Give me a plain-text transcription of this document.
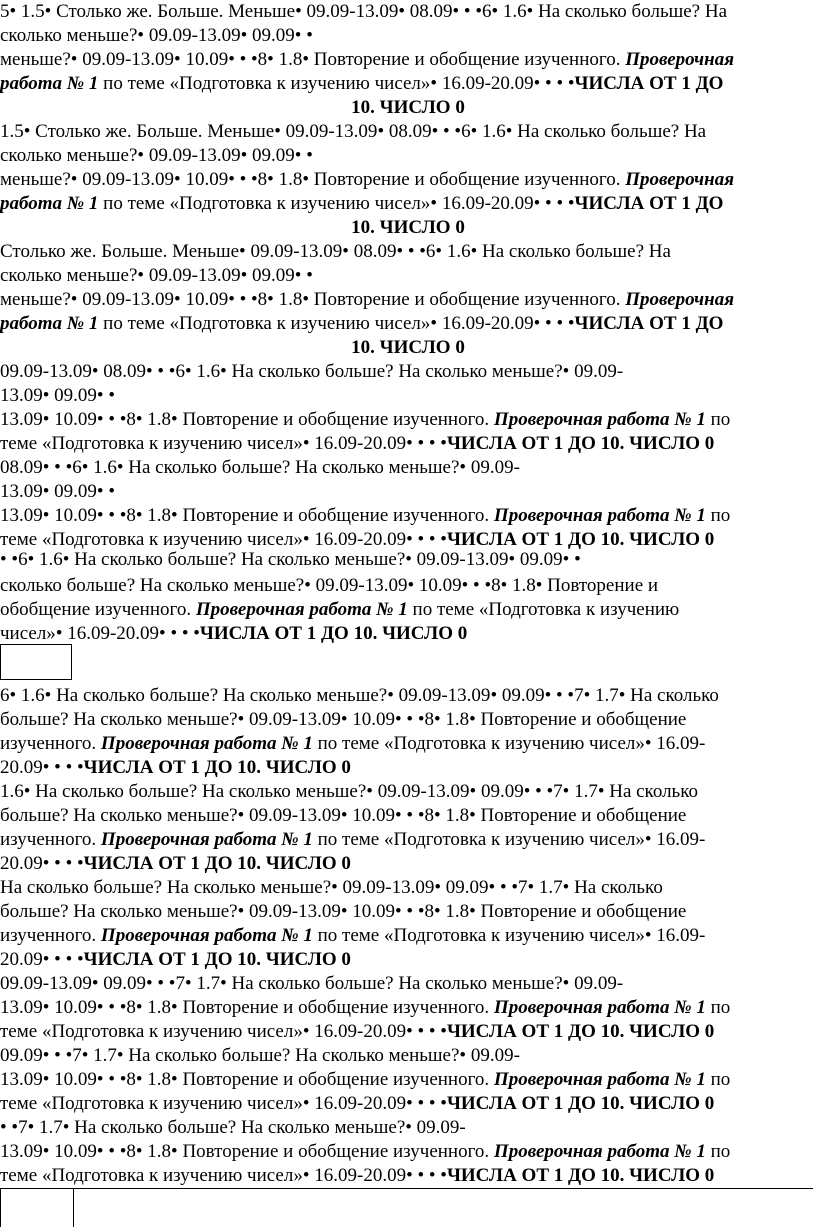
5• 1.5• Столько же. Больше. Меньше• 09.09-13.09• 08.09• • •6• 1.6• На сколько больше? На
сколько меньше?• 09.09-13.09• 09.09• •
меньше?• 09.09-13.09• 10.09• • •8• 1.8• Повторение и обобщение изученного. Проверочная
работа № 1 по теме «Подготовка к изучению чисел»• 16.09-20.09• • • •ЧИСЛА ОТ 1 ДО
10. ЧИСЛО 0
1.5• Столько же. Больше. Меньше• 09.09-13.09• 08.09• • •6• 1.6• На сколько больше? На
сколько меньше?• 09.09-13.09• 09.09• •
меньше?• 09.09-13.09• 10.09• • •8• 1.8• Повторение и обобщение изученного. Проверочная
работа № 1 по теме «Подготовка к изучению чисел»• 16.09-20.09• • • •ЧИСЛА ОТ 1 ДО
10. ЧИСЛО 0
Столько же. Больше. Меньше• 09.09-13.09• 08.09• • •6• 1.6• На сколько больше? На
сколько меньше?• 09.09-13.09• 09.09• •
меньше?• 09.09-13.09• 10.09• • •8• 1.8• Повторение и обобщение изученного. Проверочная
работа № 1 по теме «Подготовка к изучению чисел»• 16.09-20.09• • • •ЧИСЛА ОТ 1 ДО
10. ЧИСЛО 0
09.09-13.09• 08.09• • •6• 1.6• На сколько больше? На сколько меньше?• 09.09-
13.09• 09.09• •
13.09• 10.09• • •8• 1.8• Повторение и обобщение изученного. Проверочная работа № 1 по
теме «Подготовка к изучению чисел»• 16.09-20.09• • • •ЧИСЛА ОТ 1 ДО 10. ЧИСЛО 0
08.09• • •6• 1.6• На сколько больше? На сколько меньше?• 09.09-
13.09• 09.09• •
13.09• 10.09• • •8• 1.8• Повторение и обобщение изученного. Проверочная работа № 1 по
теме «Подготовка к изучению чисел»• 16.09-20.09• • • •ЧИСЛА ОТ 1 ДО 10. ЧИСЛО 0
• •6• 1.6• На сколько больше? На сколько меньше?• 09.09-13.09• 09.09• •
сколько больше? На сколько меньше?• 09.09-13.09• 10.09• • •8• 1.8• Повторение и
обобщение изученного. Проверочная работа № 1 по теме «Подготовка к изучению
чисел»• 16.09-20.09• • • •ЧИСЛА ОТ 1 ДО 10. ЧИСЛО 0
6• 1.6• На сколько больше? На сколько меньше?• 09.09-13.09• 09.09• • •7• 1.7• На сколько
больше? На сколько меньше?• 09.09-13.09• 10.09• • •8• 1.8• Повторение и обобщение
изученного. Проверочная работа № 1 по теме «Подготовка к изучению чисел»• 16.09-
20.09• • • •ЧИСЛА ОТ 1 ДО 10. ЧИСЛО 0
1.6• На сколько больше? На сколько меньше?• 09.09-13.09• 09.09• • •7• 1.7• На сколько
больше? На сколько меньше?• 09.09-13.09• 10.09• • •8• 1.8• Повторение и обобщение
изученного. Проверочная работа № 1 по теме «Подготовка к изучению чисел»• 16.09-
20.09• • • •ЧИСЛА ОТ 1 ДО 10. ЧИСЛО 0
На сколько больше? На сколько меньше?• 09.09-13.09• 09.09• • •7• 1.7• На сколько
больше? На сколько меньше?• 09.09-13.09• 10.09• • •8• 1.8• Повторение и обобщение
изученного. Проверочная работа № 1 по теме «Подготовка к изучению чисел»• 16.09-
20.09• • • •ЧИСЛА ОТ 1 ДО 10. ЧИСЛО 0
09.09-13.09• 09.09• • •7• 1.7• На сколько больше? На сколько меньше?• 09.09-
13.09• 10.09• • •8• 1.8• Повторение и обобщение изученного. Проверочная работа № 1 по
теме «Подготовка к изучению чисел»• 16.09-20.09• • • •ЧИСЛА ОТ 1 ДО 10. ЧИСЛО 0
09.09• • •7• 1.7• На сколько больше? На сколько меньше?• 09.09-
13.09• 10.09• • •8• 1.8• Повторение и обобщение изученного. Проверочная работа № 1 по
теме «Подготовка к изучению чисел»• 16.09-20.09• • • •ЧИСЛА ОТ 1 ДО 10. ЧИСЛО 0
• •7• 1.7• На сколько больше? На сколько меньше?• 09.09-
13.09• 10.09• • •8• 1.8• Повторение и обобщение изученного. Проверочная работа № 1 по
теме «Подготовка к изучению чисел»• 16.09-20.09• • • •ЧИСЛА ОТ 1 ДО 10. ЧИСЛО 0
